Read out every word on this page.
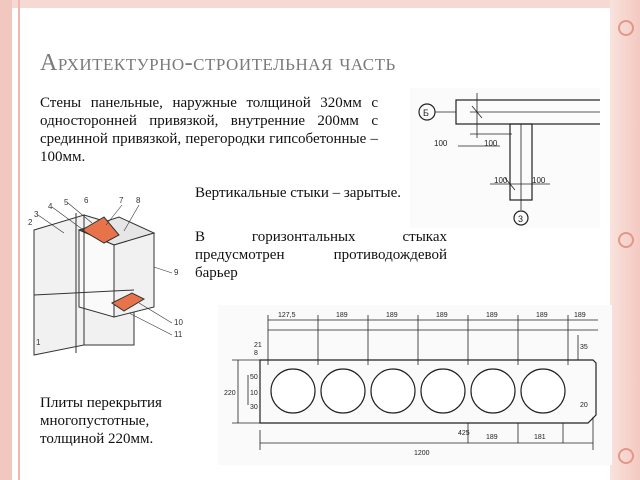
Архитектурно-строительная часть
Стены панельные, наружные толщиной 320мм с односторонней привязкой, внутренние 200мм с срединной привязкой, перегородки гипсобетонные – 100мм.
Вертикальные стыки – зарытые.
В горизонтальных стыках предусмотрен противодождевой барьер
Плиты перекрытия многопустотные, толщиной 220мм.
Б
3
100	100
100	100
3
4 5 6	7 8
9
10
11
1
2
127,5	189	189	189	189	189	189
21
8
50
10
30
220
35
20
425
189	181
1200
